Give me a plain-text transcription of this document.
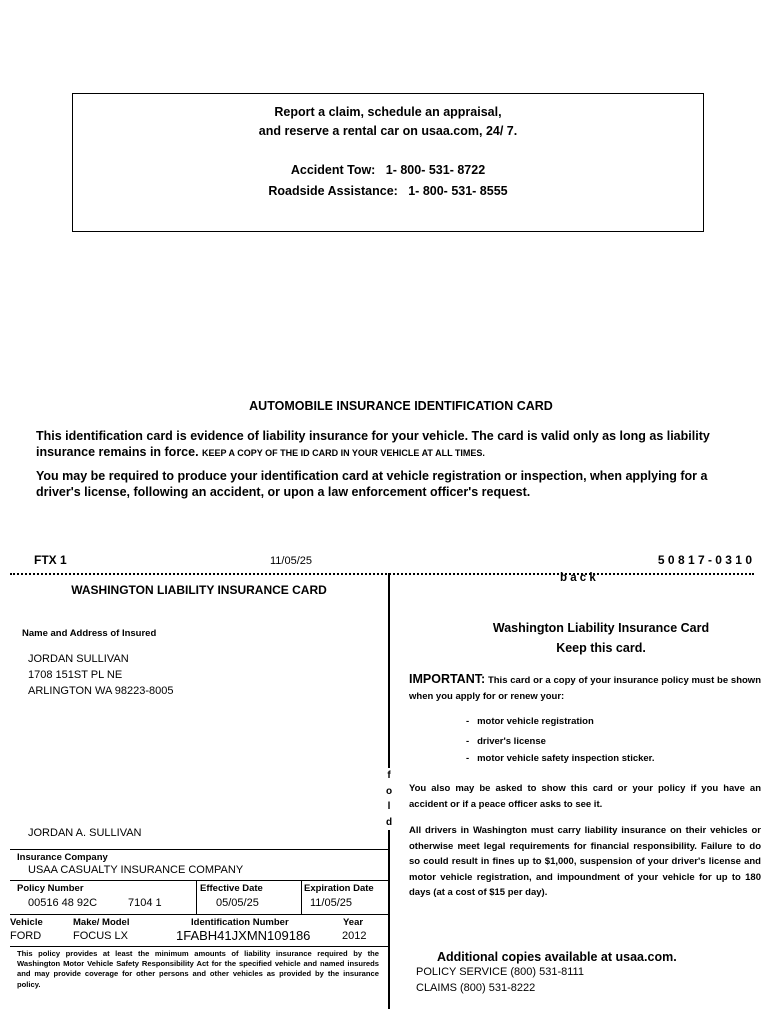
Report a claim, schedule an appraisal,
and reserve a rental car on usaa.com, 24/ 7.
Accident Tow: 1- 800- 531- 8722
Roadside Assistance: 1- 800- 531- 8555
AUTOMOBILE INSURANCE IDENTIFICATION CARD
This identification card is evidence of liability insurance for your vehicle. The card is valid only as long as liability insurance remains in force. KEEP A COPY OF THE ID CARD IN YOUR VEHICLE AT ALL TIMES.
You may be required to produce your identification card at vehicle registration or inspection, when applying for a driver's license, following an accident, or upon a law enforcement officer's request.
FTX 1	11/05/25	5 0 8 1 7 - 0 3 1 0
b a c k
f
o
l
d
WASHINGTON LIABILITY INSURANCE CARD
Name and Address of Insured
JORDAN SULLIVAN
1708 151ST PL NE
ARLINGTON WA 98223-8005
JORDAN A. SULLIVAN
Insurance Company
USAA CASUALTY INSURANCE COMPANY
Policy Number
00516 48 92C	7104 1
Effective Date
05/05/25
Expiration Date
11/05/25
Vehicle
FORD
Make/ Model
FOCUS LX
Identification Number
1FABH41JXMN109186
Year
2012
This policy provides at least the minimum amounts of liability insurance required by the Washington Motor Vehicle Safety Responsibility Act for the specified vehicle and named insureds and may provide coverage for other persons and other vehicles as provided by the insurance policy.
Washington Liability Insurance Card
Keep this card.
IMPORTANT: This card or a copy of your insurance policy must be shown when you apply for or renew your:
-   motor vehicle registration
-   driver's license
-   motor vehicle safety inspection sticker.
You also may be asked to show this card or your policy if you have an accident or if a peace officer asks to see it.
All drivers in Washington must carry liability insurance on their vehicles or otherwise meet legal requirements for financial responsibility. Failure to do so could result in fines up to $1,000, suspension of your driver's license and motor vehicle registration, and impoundment of your vehicle for up to 180 days (at a cost of $15 per day).
Additional copies available at usaa.com.
POLICY SERVICE (800) 531-8111
CLAIMS (800) 531-8222
